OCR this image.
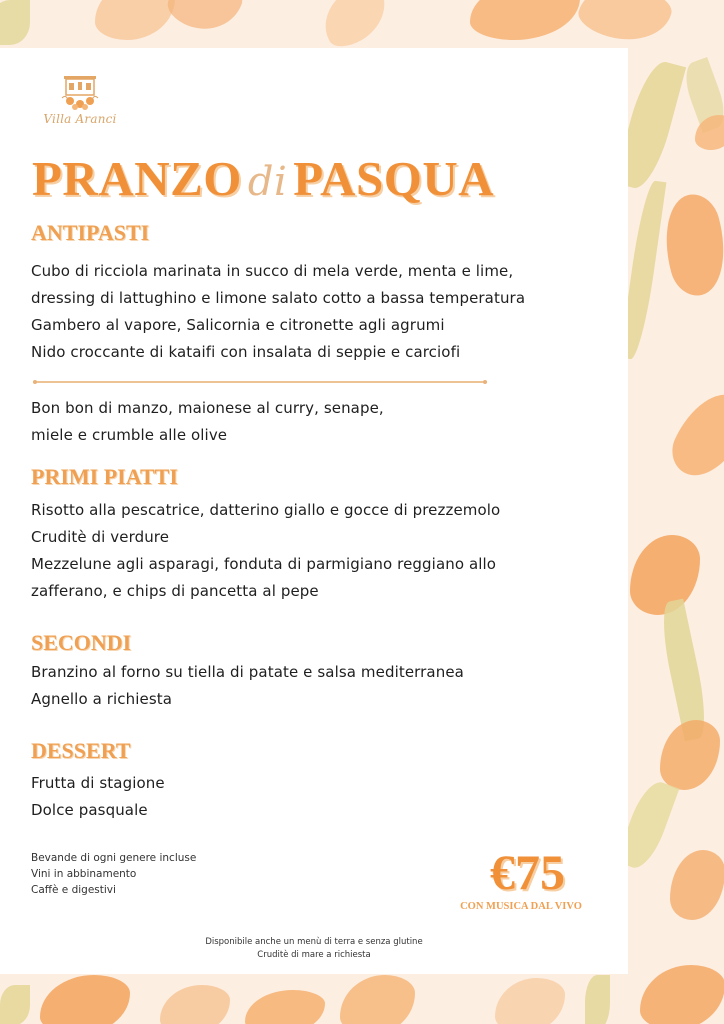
Villa Aranci
PRANZO di PASQUA
ANTIPASTI
Cubo di ricciola marinata in succo di mela verde, menta e lime,
dressing di lattughino e limone salato cotto a bassa temperatura
Gambero al vapore, Salicornia e citronette agli agrumi
Nido croccante di kataifi con insalata di seppie e carciofi
Bon bon di manzo, maionese al curry, senape,
miele e crumble alle olive
PRIMI PIATTI
Risotto alla pescatrice, datterino giallo e gocce di prezzemolo
Cruditè di verdure
Mezzelune agli asparagi, fonduta di parmigiano reggiano allo
zafferano, e chips di pancetta al pepe
SECONDI
Branzino al forno su tiella di patate e salsa mediterranea
Agnello a richiesta
DESSERT
Frutta di stagione
Dolce pasquale
Bevande di ogni genere incluse
Vini in abbinamento
Caffè e digestivi	€75
CON MUSICA DAL VIVO
Disponibile anche un menù di terra e senza glutine
Cruditè di mare a richiesta
